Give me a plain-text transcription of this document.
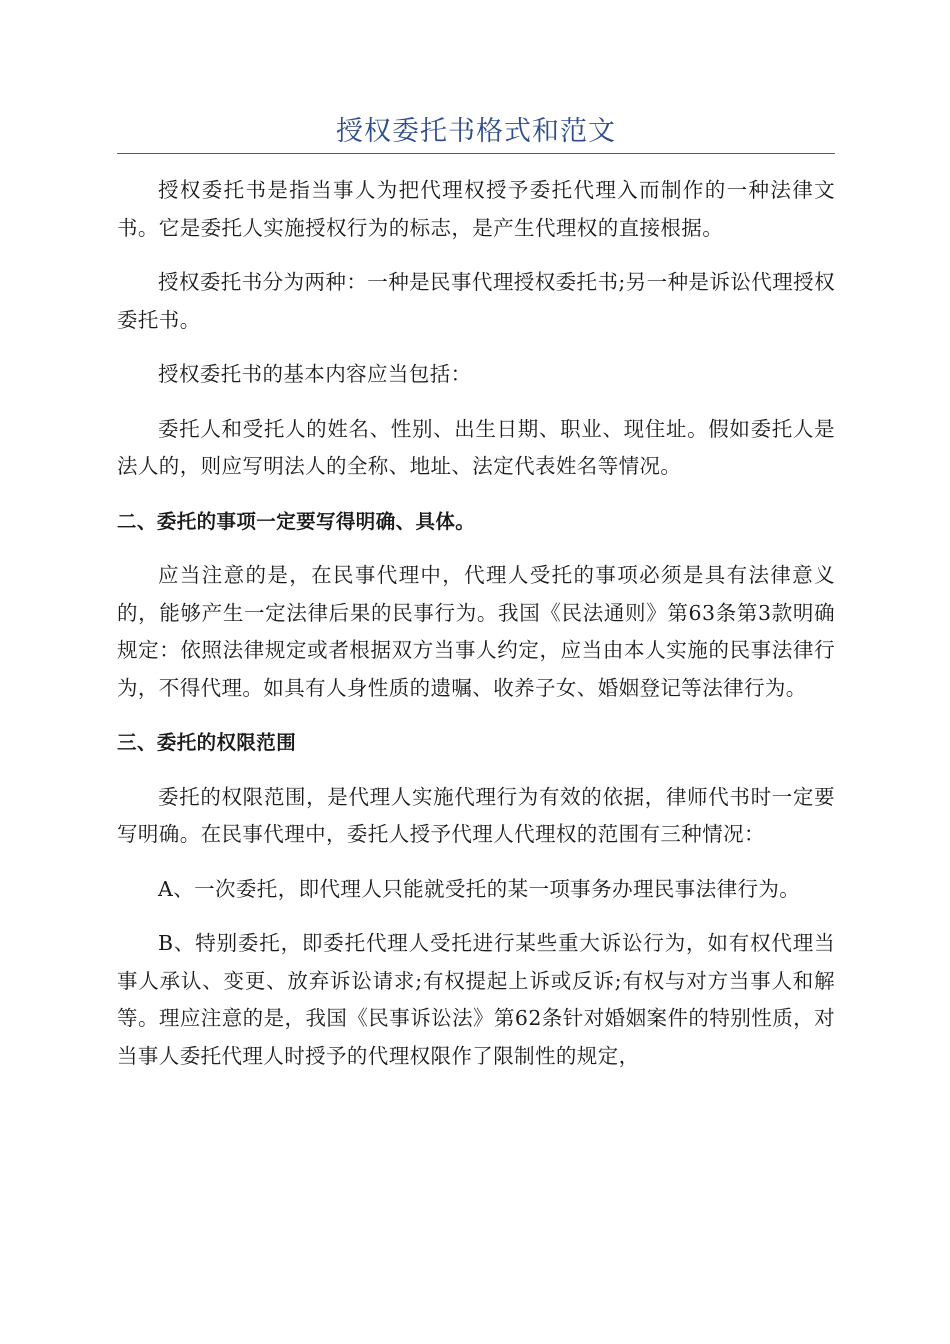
授权委托书格式和范文

授权委托书是指当事人为把代理权授予委托代理入而制作的一种法律文书。它是委托人实施授权行为的标志，是产生代理权的直接根据。

授权委托书分为两种：一种是民事代理授权委托书;另一种是诉讼代理授权委托书。

授权委托书的基本内容应当包括：

委托人和受托人的姓名、性别、出生日期、职业、现住址。假如委托人是法人的，则应写明法人的全称、地址、法定代表姓名等情况。

二、委托的事项一定要写得明确、具体。

应当注意的是，在民事代理中，代理人受托的事项必须是具有法律意义的，能够产生一定法律后果的民事行为。我国《民法通则》第63条第3款明确规定：依照法律规定或者根据双方当事人约定，应当由本人实施的民事法律行为，不得代理。如具有人身性质的遗嘱、收养子女、婚姻登记等法律行为。

三、委托的权限范围

委托的权限范围，是代理人实施代理行为有效的依据，律师代书时一定要写明确。在民事代理中，委托人授予代理人代理权的范围有三种情况：

A、一次委托，即代理人只能就受托的某一项事务办理民事法律行为。

B、特别委托，即委托代理人受托进行某些重大诉讼行为，如有权代理当事人承认、变更、放弃诉讼请求;有权提起上诉或反诉;有权与对方当事人和解等。理应注意的是，我国《民事诉讼法》第62条针对婚姻案件的特别性质，对当事人委托代理人时授予的代理权限作了限制性的规定，
